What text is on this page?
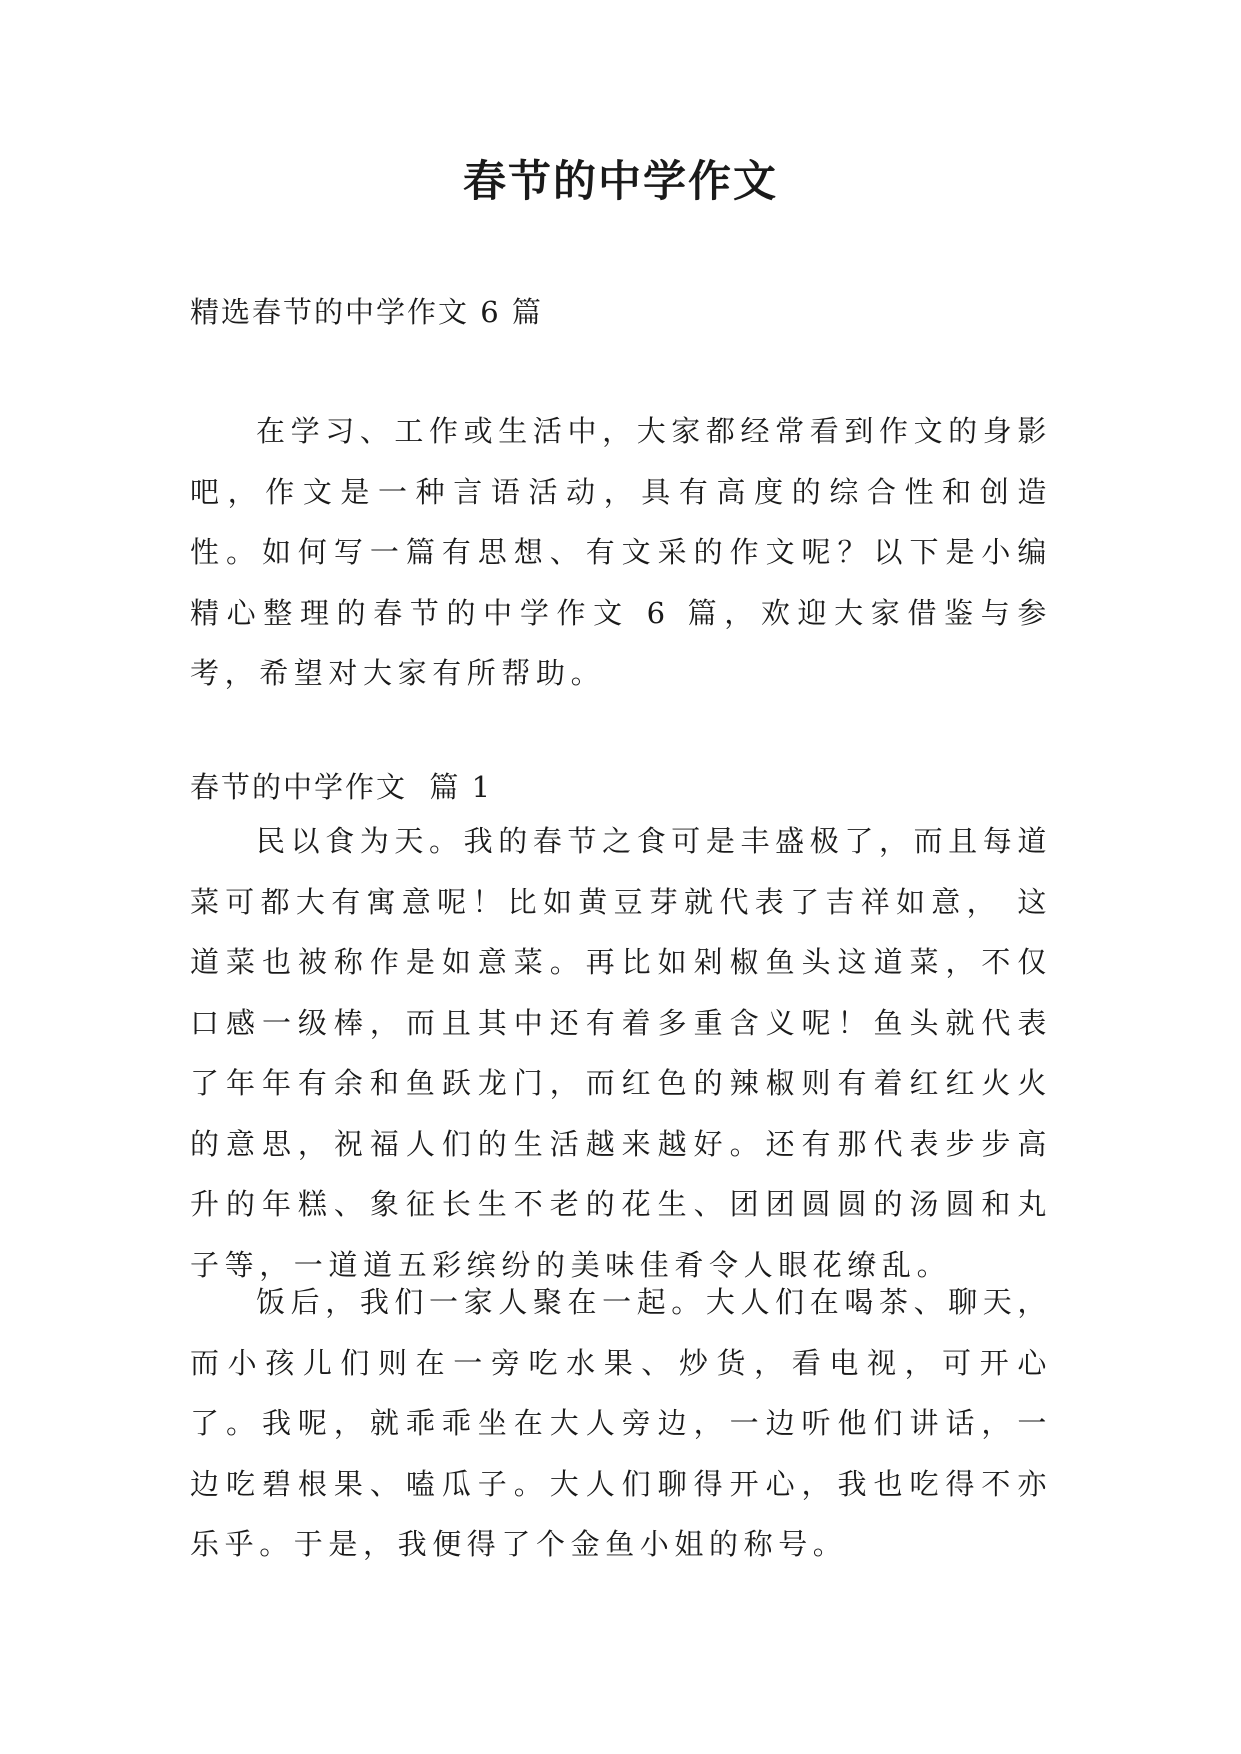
春节的中学作文

精选春节的中学作文 6 篇

在学习、工作或生活中，大家都经常看到作文的身影吧，作文是一种言语活动，具有高度的综合性和创造性。如何写一篇有思想、有文采的作文呢？以下是小编精心整理的春节的中学作文 6 篇，欢迎大家借鉴与参考，希望对大家有所帮助。

春节的中学作文  篇 1

民以食为天。我的春节之食可是丰盛极了，而且每道菜可都大有寓意呢！比如黄豆芽就代表了吉祥如意， 这道菜也被称作是如意菜。再比如剁椒鱼头这道菜，不仅口感一级棒，而且其中还有着多重含义呢！鱼头就代表了年年有余和鱼跃龙门，而红色的辣椒则有着红红火火的意思，祝福人们的生活越来越好。还有那代表步步高升的年糕、象征长生不老的花生、团团圆圆的汤圆和丸子等，一道道五彩缤纷的美味佳肴令人眼花缭乱。

饭后，我们一家人聚在一起。大人们在喝茶、聊天，而小孩儿们则在一旁吃水果、炒货，看电视，可开心了。我呢，就乖乖坐在大人旁边，一边听他们讲话，一边吃碧根果、嗑瓜子。大人们聊得开心，我也吃得不亦乐乎。于是，我便得了个金鱼小姐的称号。
